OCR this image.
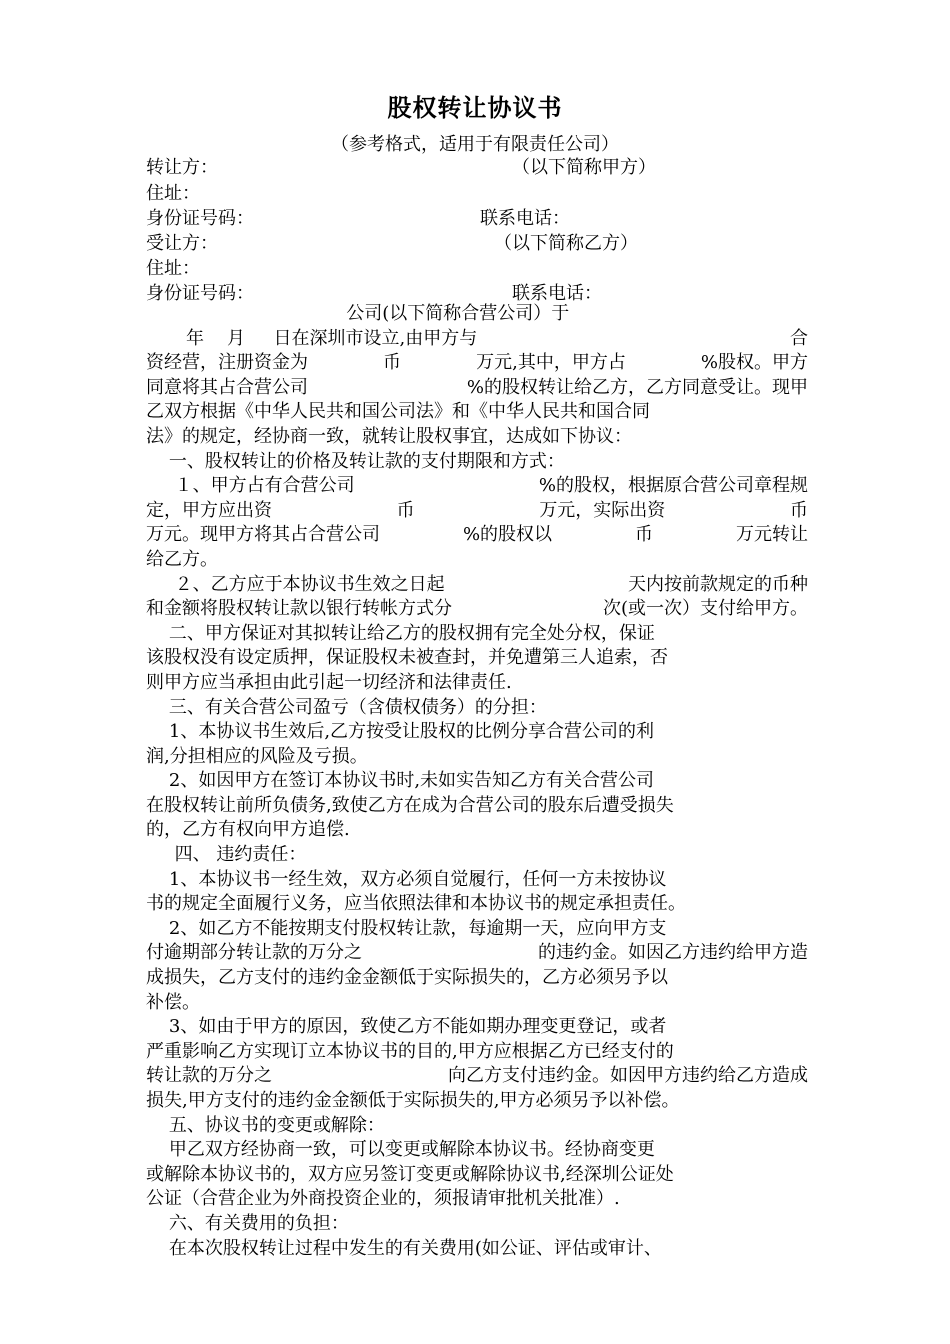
股权转让协议书
（参考格式，适用于有限责任公司）
转让方：	（以下简称甲方）
住址：
身份证号码：	联系电话：
受让方：	（以下简称乙方）
住址：
身份证号码：	联系电话：
公司(以下简称合营公司）于
年    月     日在深圳市设立,由甲方与	合
资经营，注册资金为	币	万元,其中，甲方占	%股权。甲方
同意将其占合营公司	%的股权转让给乙方，乙方同意受让。现甲
乙双方根据《中华人民共和国公司法》和《中华人民共和国合同
法》的规定，经协商一致，就转让股权事宜，达成如下协议：
一、股权转让的价格及转让款的支付期限和方式：
１、甲方占有合营公司	%的股权，根据原合营公司章程规
定，甲方应出资	币	万元，实际出资	币
万元。现甲方将其占合营公司	%的股权以	币	万元转让
给乙方。
２、乙方应于本协议书生效之日起	天内按前款规定的币种
和金额将股权转让款以银行转帐方式分	次(或一次）支付给甲方。
二、甲方保证对其拟转让给乙方的股权拥有完全处分权，保证
该股权没有设定质押，保证股权未被查封，并免遭第三人追索，否
则甲方应当承担由此引起一切经济和法律责任.
三、有关合营公司盈亏（含债权债务）的分担：
1、本协议书生效后,乙方按受让股权的比例分享合营公司的利
润,分担相应的风险及亏损。
2、如因甲方在签订本协议书时,未如实告知乙方有关合营公司
在股权转让前所负债务,致使乙方在成为合营公司的股东后遭受损失
的，乙方有权向甲方追偿.
四、 违约责任：
1、本协议书一经生效，双方必须自觉履行，任何一方未按协议
书的规定全面履行义务，应当依照法律和本协议书的规定承担责任。
2、如乙方不能按期支付股权转让款，每逾期一天，应向甲方支
付逾期部分转让款的万分之	的违约金。如因乙方违约给甲方造
成损失，乙方支付的违约金金额低于实际损失的，乙方必须另予以
补偿。
3、如由于甲方的原因，致使乙方不能如期办理变更登记，或者
严重影响乙方实现订立本协议书的目的,甲方应根据乙方已经支付的
转让款的万分之	向乙方支付违约金。如因甲方违约给乙方造成
损失,甲方支付的违约金金额低于实际损失的,甲方必须另予以补偿。
五、协议书的变更或解除：
甲乙双方经协商一致，可以变更或解除本协议书。经协商变更
或解除本协议书的，双方应另签订变更或解除协议书,经深圳公证处
公证（合营企业为外商投资企业的，须报请审批机关批准）.
六、有关费用的负担：
在本次股权转让过程中发生的有关费用(如公证、评估或审计、
